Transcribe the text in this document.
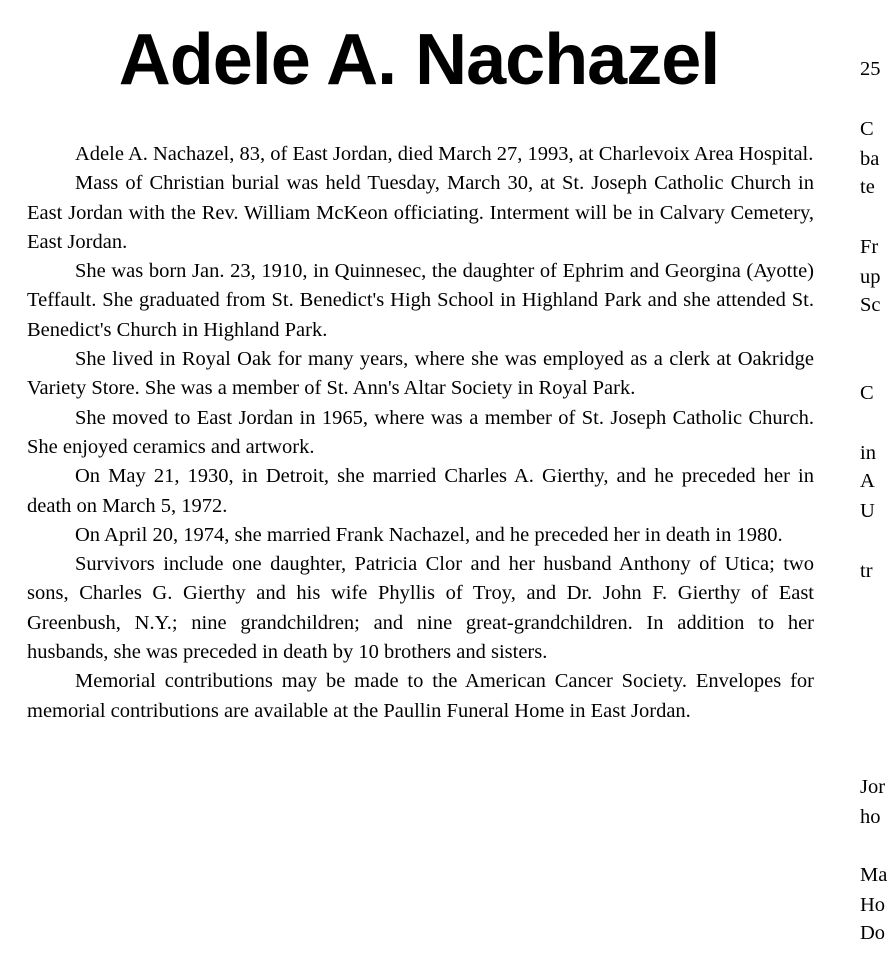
Adele A. Nachazel

Adele A. Nachazel, 83, of East Jordan, died March 27, 1993, at Charlevoix Area Hospital.

Mass of Christian burial was held Tuesday, March 30, at St. Joseph Catholic Church in East Jordan with the Rev. William McKeon officiating. Interment will be in Calvary Cemetery, East Jordan.

She was born Jan. 23, 1910, in Quinnesec, the daughter of Ephrim and Georgina (Ayotte) Teffault. She graduated from St. Benedict's High School in Highland Park and she attended St. Benedict's Church in Highland Park.

She lived in Royal Oak for many years, where she was employed as a clerk at Oakridge Variety Store. She was a member of St. Ann's Altar Society in Royal Park.

She moved to East Jordan in 1965, where was a member of St. Joseph Catholic Church. She enjoyed ceramics and artwork.

On May 21, 1930, in Detroit, she married Charles A. Gierthy, and he preceded her in death on March 5, 1972.

On April 20, 1974, she married Frank Nachazel, and he preceded her in death in 1980.

Survivors include one daughter, Patricia Clor and her husband Anthony of Utica; two sons, Charles G. Gierthy and his wife Phyllis of Troy, and Dr. John F. Gierthy of East Greenbush, N.Y.; nine grandchildren; and nine great-grandchildren. In addition to her husbands, she was preceded in death by 10 brothers and sisters.

Memorial contributions may be made to the American Cancer Society. Envelopes for memorial contributions are available at the Paullin Funeral Home in East Jordan.

25
C
ba
te
Fr
up
Sc
C
in
A
U
tr
Jor
ho
Ma
Ho
Do
